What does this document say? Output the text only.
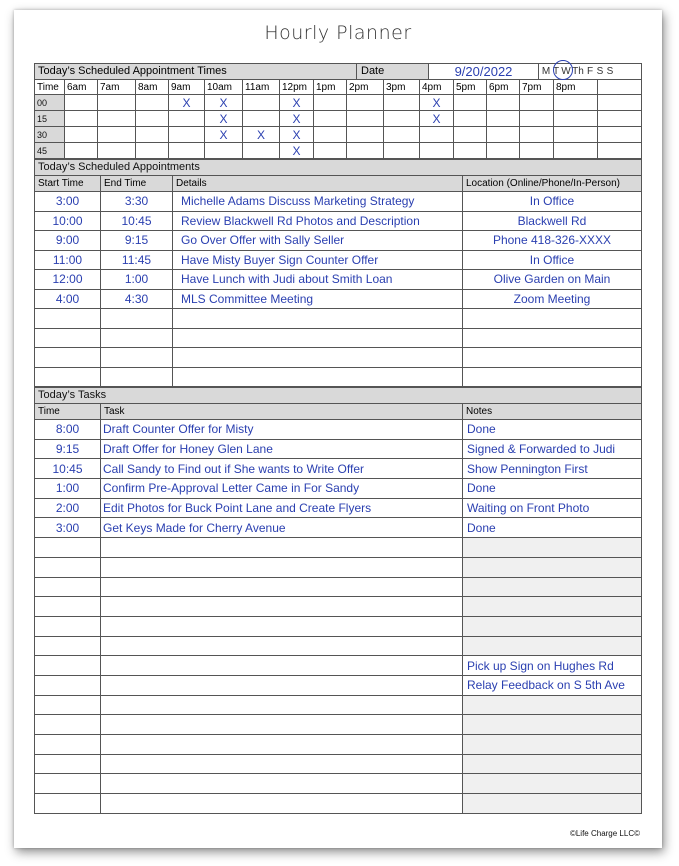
Hourly Planner
Today’s Scheduled Appointment Times	Date	9/20/2022	M T WTh F S S
Time	6am	7am	8am	9am	10am	11am	12pm	1pm	2pm	3pm	4pm	5pm	6pm	7pm	8pm	
00				X	X		X				X					
15					X		X				X					
30					X	X	X									
45							X									
Today’s Scheduled Appointments
Start Time	End Time	Details	Location (Online/Phone/In-Person)
3:00	3:30	Michelle Adams Discuss Marketing Strategy	In Office
10:00	10:45	Review Blackwell Rd Photos and Description	Blackwell Rd
9:00	9:15	Go Over Offer with Sally Seller	Phone 418-326-XXXX
11:00	11:45	Have Misty Buyer Sign Counter Offer	In Office
12:00	1:00	Have Lunch with Judi about Smith Loan	Olive Garden on Main
4:00	4:30	MLS Committee Meeting	Zoom Meeting

Today’s Tasks
Time	Task	Notes
8:00	Draft Counter Offer for Misty	Done
9:15	Draft Offer for Honey Glen Lane	Signed & Forwarded to Judi
10:45	Call Sandy to Find out if She wants to Write Offer	Show Pennington First
1:00	Confirm Pre-Approval Letter Came in For Sandy	Done
2:00	Edit Photos for Buck Point Lane and Create Flyers	Waiting on Front Photo
3:00	Get Keys Made for Cherry Avenue	Done

		Pick up Sign on Hughes Rd
		Relay Feedback on S 5th Ave

©Life Charge LLC©
